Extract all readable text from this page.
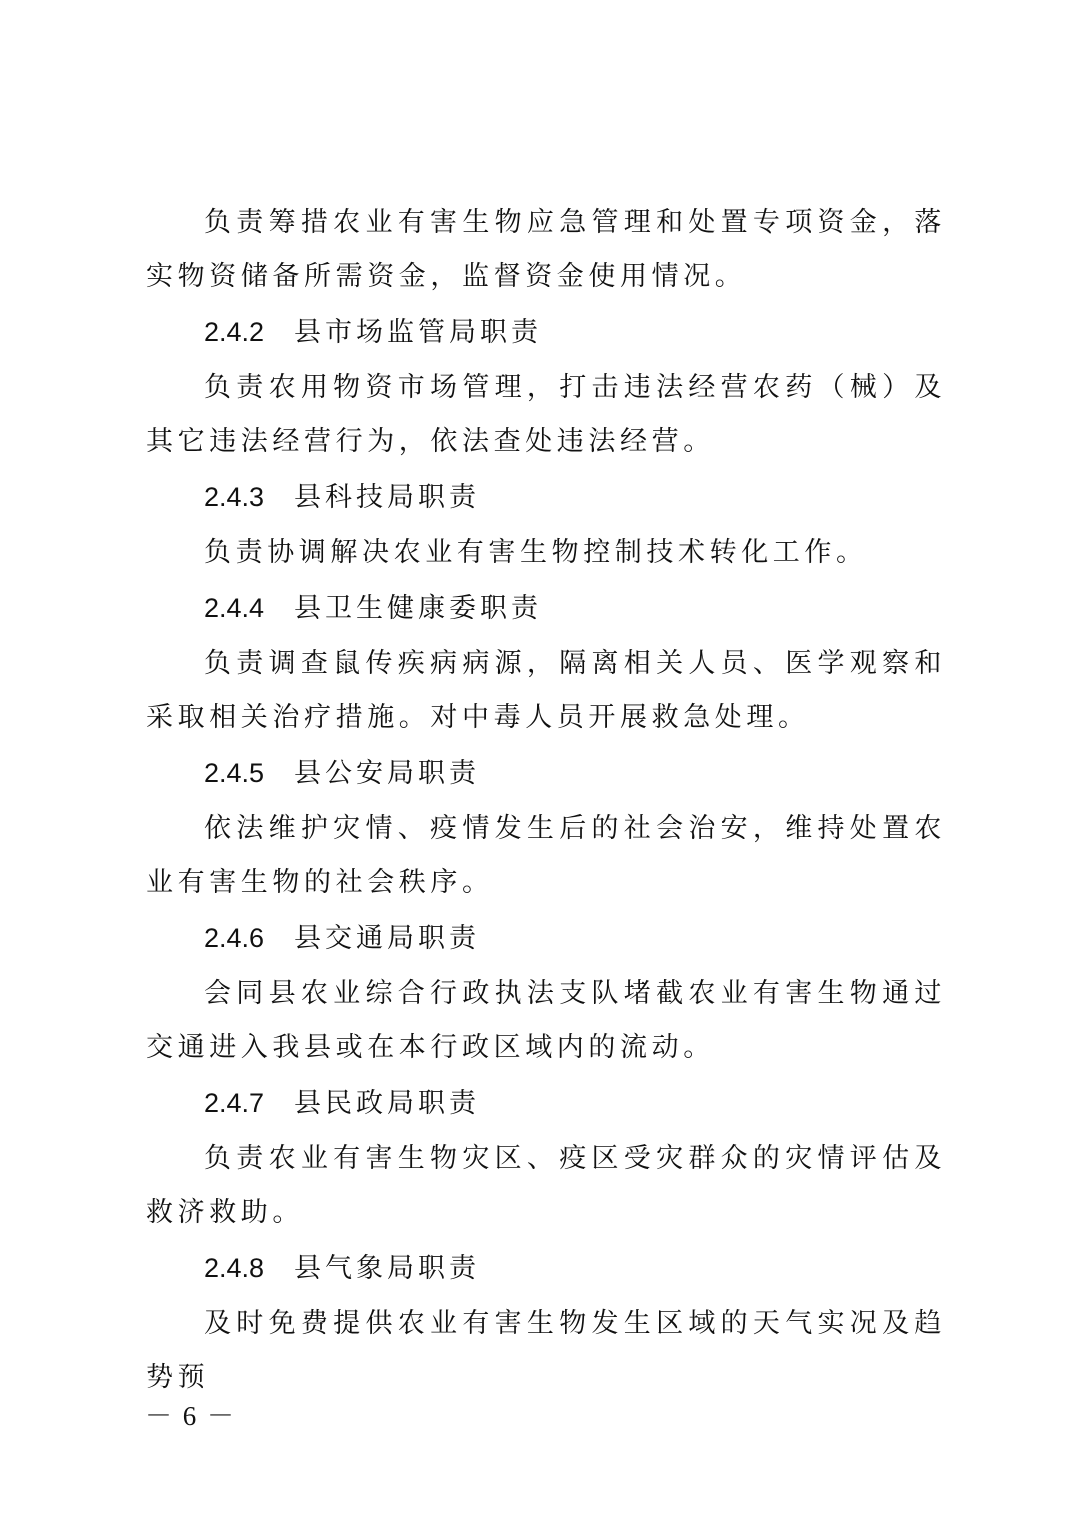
负责筹措农业有害生物应急管理和处置专项资金，落实物资储备所需资金，监督资金使用情况。

2.4.2 县市场监管局职责

负责农用物资市场管理，打击违法经营农药（械）及其它违法经营行为，依法查处违法经营。

2.4.3 县科技局职责

负责协调解决农业有害生物控制技术转化工作。

2.4.4 县卫生健康委职责

负责调查鼠传疾病病源，隔离相关人员、医学观察和采取相关治疗措施。对中毒人员开展救急处理。

2.4.5 县公安局职责

依法维护灾情、疫情发生后的社会治安，维持处置农业有害生物的社会秩序。

2.4.6 县交通局职责

会同县农业综合行政执法支队堵截农业有害生物通过交通进入我县或在本行政区域内的流动。

2.4.7 县民政局职责

负责农业有害生物灾区、疫区受灾群众的灾情评估及救济救助。

2.4.8 县气象局职责

及时免费提供农业有害生物发生区域的天气实况及趋势预

－ 6 －
